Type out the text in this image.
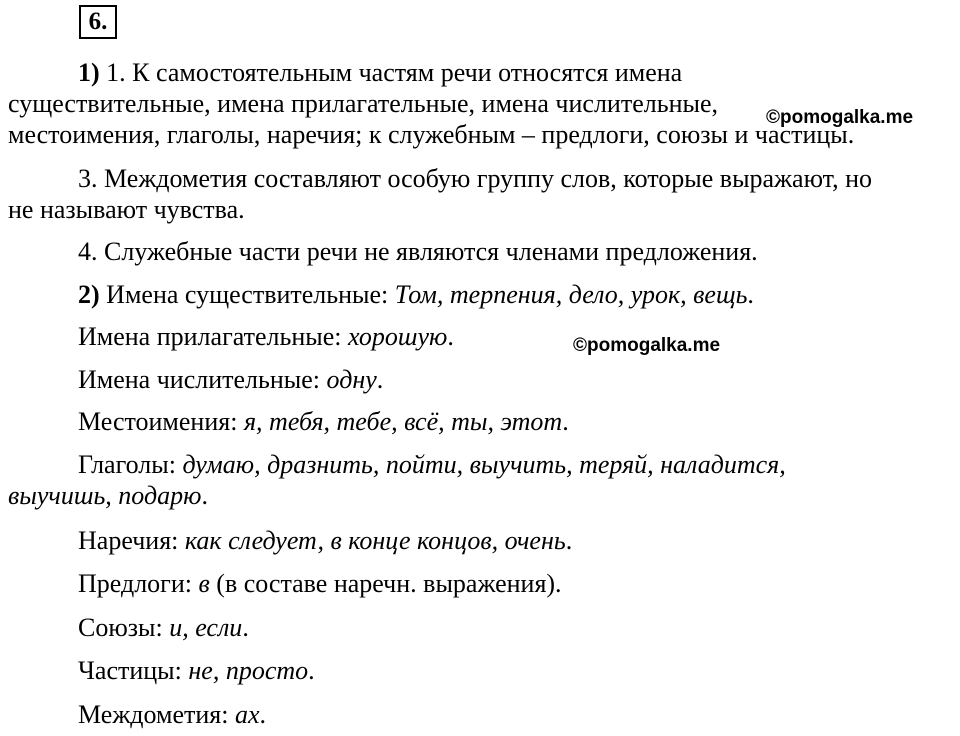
6.
1) 1. К самостоятельным частям речи относятся имена
существительные, имена прилагательные, имена числительные,
местоимения, глаголы, наречия; к служебным – предлоги, союзы и частицы.
3. Междометия составляют особую группу слов, которые выражают, но
не называют чувства.
4. Служебные части речи не являются членами предложения.
2) Имена существительные: Том, терпения, дело, урок, вещь.
Имена прилагательные: хорошую.
Имена числительные: одну.
Местоимения: я, тебя, тебе, всё, ты, этот.
Глаголы: думаю, дразнить, пойти, выучить, теряй, наладится,
выучишь, подарю.
Наречия: как следует, в конце концов, очень.
Предлоги: в (в составе наречн. выражения).
Союзы: и, если.
Частицы: не, просто.
Междометия: ах.
©pomogalka.me
©pomogalka.me
